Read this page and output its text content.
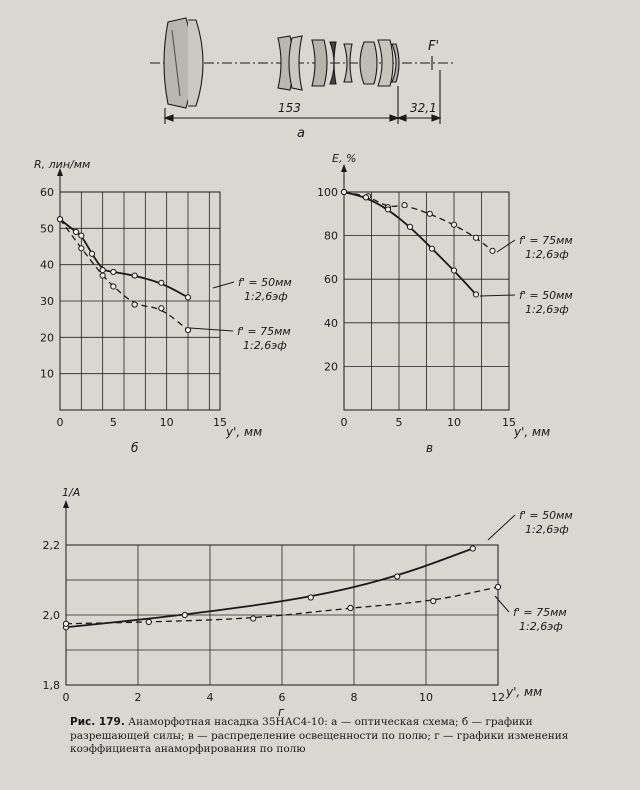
153	32,1
F'
а
R, лин/мм
y', мм
б
0	5	10	15
10
20
30
40
50
60
f' = 50мм
1:2,6эф
f' = 75мм
1:2,6эф
E, %
y', мм
в
0	5	10	15
20
40
60
80
100
f' = 75мм
1:2,6эф
f' = 50мм
1:2,6эф
1/A
y', мм
г
0	2	4	6	8	10	12
1,8
2,0
2,2
f' = 50мм
1:2,6эф
f' = 75мм
1:2,6эф
Рис. 179. Анаморфотная насадка 35НАС4-10: а — оптическая схема; б — графики разрешающей силы; в — распределение освещенности по полю; г — графики изменения коэффициента анаморфирования по полю
